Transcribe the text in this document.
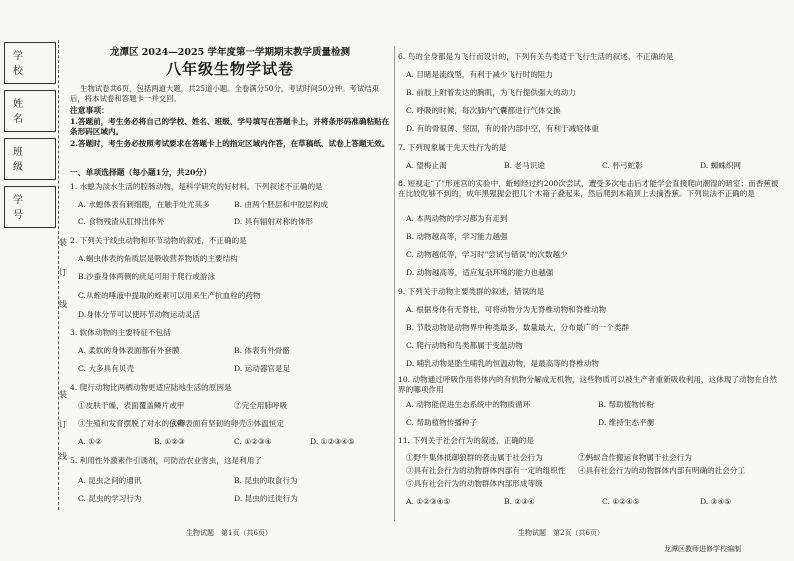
学 校
姓 名
班 级
学 号
装
订
线
装
订
线
龙潭区 2024—2025 学年度第一学期期末教学质量检测
八年级生物学试卷
生物试卷共6页，包括两道大题，共25道小题。全卷满分50分，考试时间50分钟。考试结束后，将本试卷和答题卡一并交回。
注意事项：
1.答题前，考生务必将自己的学校、姓名、班级、学号填写在答题卡上，并将条形码准确粘贴在条形码区域内。
2.答题时，考生务必按照考试要求在答题卡上的指定区域内作答，在草稿纸、试卷上答题无效。
一、单项选择题（每小题1分，共20分）
1. 水螅为淡水生活的腔肠动物，是科学研究的好材料。下列叙述不正确的是
A. 水螅体表有刺细胞，在触手处尤其多	B. 由两个胚层和中胶层构成
C. 食物残渣从肛排出体外	D. 具有辐射对称的体形
2. 下列关于线虫动物和环节动物的叙述，不正确的是
A.蛔虫体表的角质层是吸收营养物质的主要结构
B.沙蚕身体两侧的疣足可用于爬行或游泳
C.从蛭的唾液中提取的蛭素可以用来生产抗血栓的药物
D.身体分节可以使环节动物运动灵活
3. 软体动物的主要特征不包括
A. 柔软的身体表面都有外套膜	B. 体表有外骨骼
C. 大多具有贝壳	D. 运动器官是足
4. 爬行动物比两栖动物更适应陆地生活的原因是
①皮肤干燥，表面覆盖鳞片或甲	②完全用肺呼吸
③生殖和发育摆脱了对水的依赖
④卵表面有坚韧的卵壳 ⑤体温恒定
A. ①②	B. ①②③	C. ①②③④	D. ①②③④⑤
5. 利用性外激素作引诱剂，可防治农业害虫，这是利用了
A. 昆虫之间的通讯	B. 昆虫的取食行为
C. 昆虫的学习行为	D. 昆虫的迁徙行为
生物试题　第1页（共6页）
6. 鸟的全身都是为飞行而设计的，下列有关鸟类适于飞行生活的叙述，不正确的是
A. 目睹是流线型，有利于减少飞行时的阻力
B. 前肢上附着发达的胸肌，为飞行提供强大的动力
C. 呼吸的时候，每次肺内气囊都进行气体交换
D. 有的骨很薄、坚固，有的骨内部中空，有利于减轻体重
7. 下列现象属于先天性行为的是
A. 望梅止渴	B. 老马识途	C. 杯弓蛇影	D. 蜘蛛织网
8. 短视走"了"形迷宫的实验中，蚯蚓经过约200次尝试，遭受多次电击后才能学会直接爬向潮湿的暗室；而香蕉被在比较吃够不到的，成年黑猩猩会把几个木箱子叠起来，然后爬到木箱顶上去摘香蕉。下列说法不正确的是
A. 本两动物的学习都为有走到
B. 动物越高等，学习能力越强
C. 动物越低等，学习时"尝试与错误"的次数越少
D. 动物越高等，适应复杂环境的能力也越强
9. 下列关于动物主要类群的叙述，错误的是
A. 根据身体有无脊柱，可将动物分为无脊椎动物和脊椎动物
B. 节肢动物是动物界中种类最多，数量最大，分布最广的一个类群
C. 爬行动物和鸟类都属于变温动物
D. 哺乳动物是胎生哺乳的恒温动物，是最高等的脊椎动物
10. 动物通过呼吸作用将体内的有机物分解成无机物，这些物质可以被生产者重新吸收利用，这体现了动物在自然界的哪项作用
A. 动物能促进生态系统中的物质循环	B. 帮助植物传粉
C. 帮助植物传播种子	D. 维持生态平衡
11. 下列关于社会行为的叙述，正确的是
①野牛集体抵御狼群的袭击属于社会行为	②蚂蚁合作搬运食物属于社会行为
③具有社会行为的动物群体内部有一定的组织性 ④具有社会行为的动物群体内部有明确的社会分工
⑤具有社会行为的动物群体内部形成等级
A. ①②③④⑤	B. ②③④	C. ①②④⑤	D. ③④⑤
生物试题　第2页（共6页）
龙潭区教师进修学校编制
